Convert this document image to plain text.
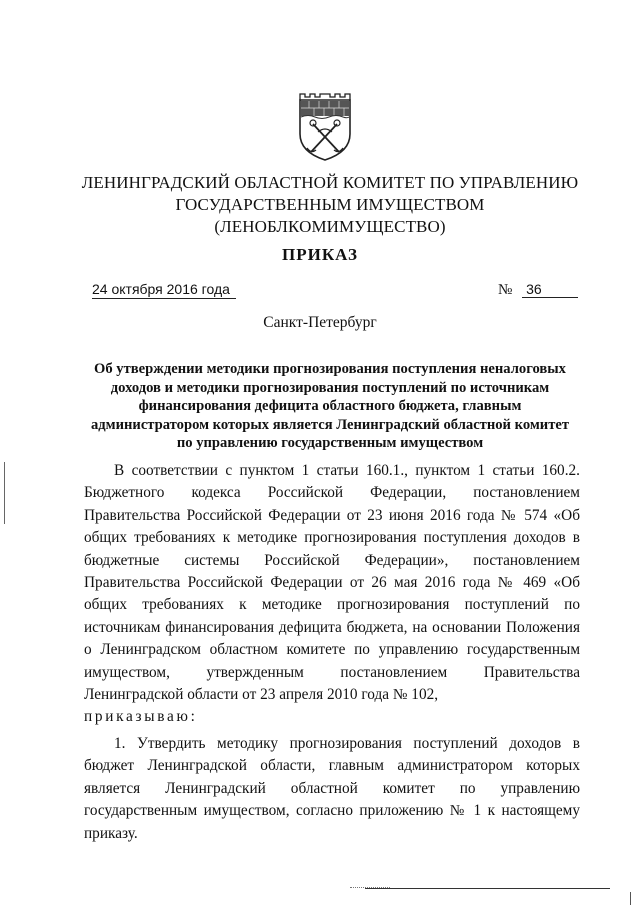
ЛЕНИНГРАДСКИЙ ОБЛАСТНОЙ КОМИТЕТ ПО УПРАВЛЕНИЮ
ГОСУДАРСТВЕННЫМ ИМУЩЕСТВОМ
(ЛЕНОБЛКОМИМУЩЕСТВО)
ПРИКАЗ
24 октября 2016 года	№ 36
Санкт-Петербург
Об утверждении методики прогнозирования поступления неналоговых
доходов и методики прогнозирования поступлений по источникам
финансирования дефицита областного бюджета, главным
администратором которых является Ленинградский областной комитет
по управлению государственным имуществом

В соответствии с пунктом 1 статьи 160.1., пунктом 1 статьи 160.2. Бюджетного кодекса Российской Федерации, постановлением Правительства Российской Федерации от 23 июня 2016 года № 574 «Об общих требованиях к методике прогнозирования поступления доходов в бюджетные системы Российской Федерации», постановлением Правительства Российской Федерации от 26 мая 2016 года № 469 «Об общих требованиях к методике прогнозирования поступлений по источникам финансирования дефицита бюджета, на основании Положения о Ленинградском областном комитете по управлению государственным имуществом, утвержденным постановлением Правительства Ленинградской области от 23 апреля 2010 года № 102,
приказываю:

1. Утвердить методику прогнозирования поступлений доходов в бюджет Ленинградской области, главным администратором которых является Ленинградский областной комитет по управлению государственным имуществом, согласно приложению № 1 к настоящему приказу.
